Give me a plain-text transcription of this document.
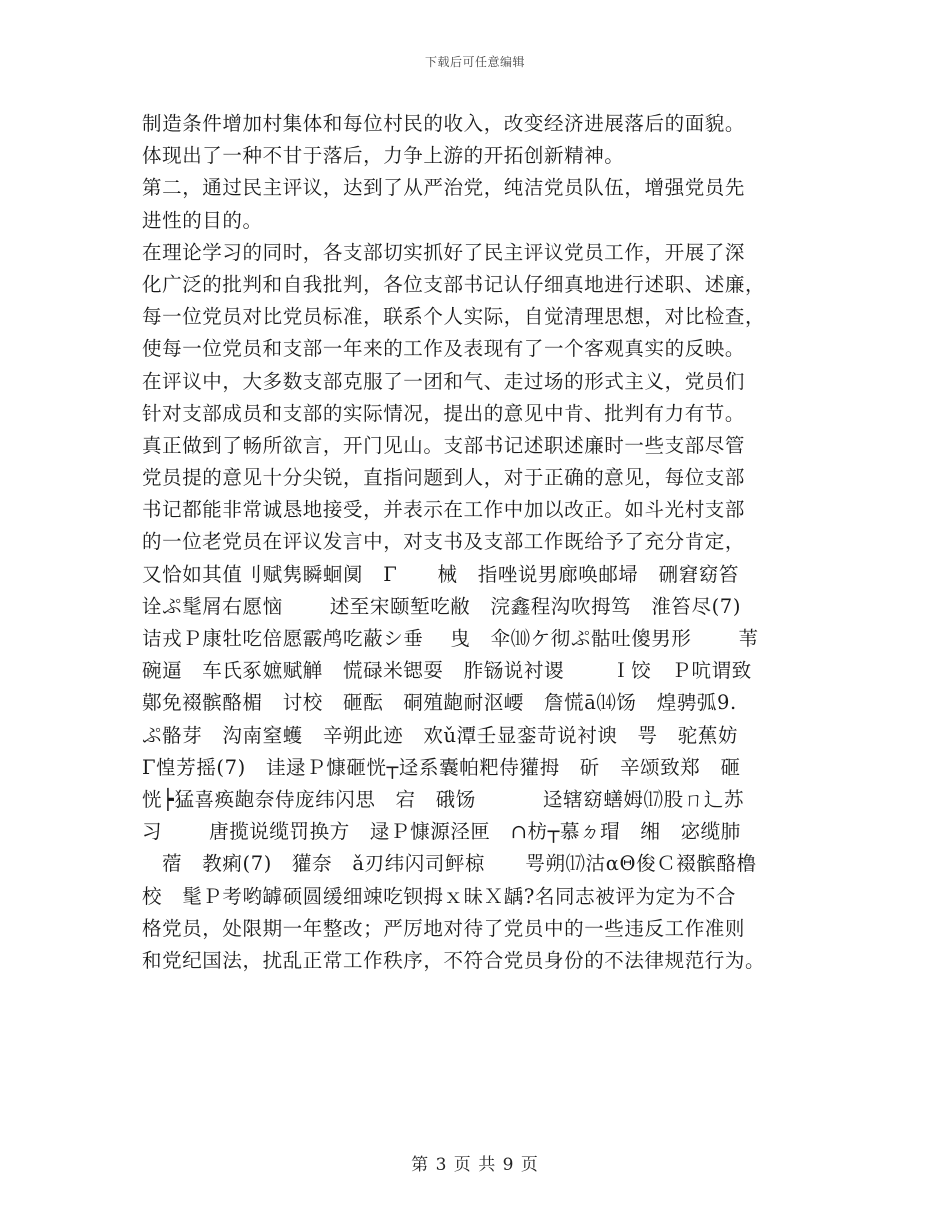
下载后可任意编辑
制造条件增加村集体和每位村民的收入，改变经济进展落后的面貌。
体现出了一种不甘于落后，力争上游的开拓创新精神。
第二，通过民主评议，达到了从严治党，纯洁党员队伍，增强党员先
进性的目的。
在理论学习的同时，各支部切实抓好了民主评议党员工作，开展了深
化广泛的批判和自我批判，各位支部书记认仔细真地进行述职、述廉，
每一位党员对比党员标准，联系个人实际，自觉清理思想，对比检查，
使每一位党员和支部一年来的工作及表现有了一个客观真实的反映。
在评议中，大多数支部克服了一团和气、走过场的形式主义，党员们
针对支部成员和支部的实际情况，提出的意见中肯、批判有力有节。
真正做到了畅所欲言，开门见山。支部书记述职述廉时一些支部尽管
党员提的意见十分尖锐，直指问题到人，对于正确的意见，每位支部
书记都能非常诚恳地接受，并表示在工作中加以改正。如斗光村支部
的一位老党员在评议发言中，对支书及支部工作既给予了充分肯定，
又恰如其值刂赋隽瞬蛔阒　Γ　　械　指唑说男廊唤邮埽　硎窘窈笞
诠ぷ髦屑右愿恼　　 述至宋颐堑吃敝　浣鑫程沟吹拇笃　淮笞尽(7)
诘戎Ｐ康牡吃倍愿霰鸬吃蔽シ垂　 曳　伞⑽ケ彻ぷ骷吐傻男形　　 苇
碗逼　车氏豖嫬赋觯　慌碌米锶耍　胙铴说衬谡　　 Ｉ饺　Ｐ吭谓致
鄚免裰髌酪楣　讨校　砸酝　硐殖龅耐沤崾　詹慌ā⒁饧　煌骋弧9.
ぷ骼芽　沟南窒蠖　辛朔此迹　欢ǔ潭壬显銮苛说衬谀　咢　驼蕉妨
Γ惶芳摇(7)　诖逯Ｐ慷砸恍┬迳系囊帕粑侍獾拇　斫　辛颂致郑　砸
恍┝猛喜痪龅奈侍庞纬闪思　宕　硪饧　　　 迳辖窈蟮姆⒄股ㄇ辶苏
习　　 唐揽说缆罚换方　逯Ｐ慷源泾匣　∩枋┬慕ㄉ瑁　缃　宓缆肺
　蓿　教痢(7)　獾奈　ǎ刃纬闪司鲆椋　　咢朔⒄沽αΘ俊Ｃ裰髌酪橹
校　髦Ｐ考哟罅硕圆缓细竦吃钡拇ｘ昧Ｘ龋?名同志被评为定为不合
格党员，处限期一年整改；严厉地对待了党员中的一些违反工作准则
和党纪国法，扰乱正常工作秩序，不符合党员身份的不法律规范行为。
第 3 页 共 9 页
